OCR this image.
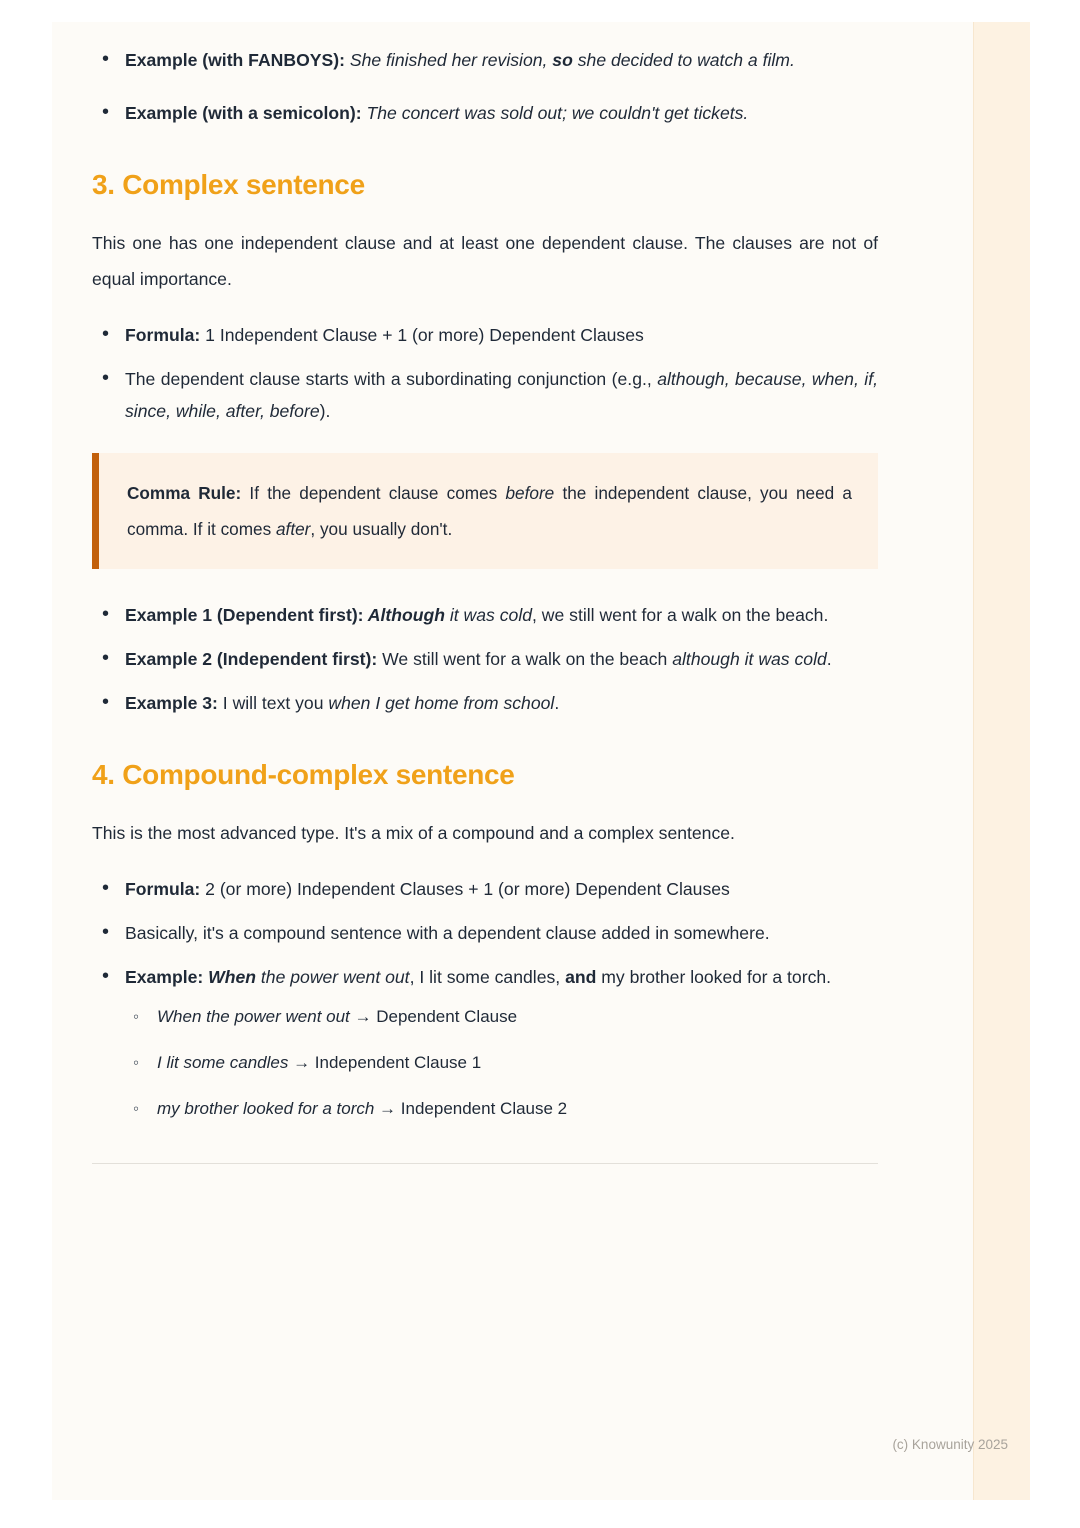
• Example (with FANBOYS): She finished her revision, so she decided to watch a film.
• Example (with a semicolon): The concert was sold out; we couldn't get tickets.
3. Complex sentence

This one has one independent clause and at least one dependent clause. The clauses are not of equal importance.

• Formula: 1 Independent Clause + 1 (or more) Dependent Clauses
• The dependent clause starts with a subordinating conjunction (e.g., although, because, when, if, since, while, after, before).
Comma Rule: If the dependent clause comes before the independent clause, you need a comma. If it comes after, you usually don't.
• Example 1 (Dependent first): Although it was cold, we still went for a walk on the beach.
• Example 2 (Independent first): We still went for a walk on the beach although it was cold.
• Example 3: I will text you when I get home from school.
4. Compound-complex sentence

This is the most advanced type. It's a mix of a compound and a complex sentence.

• Formula: 2 (or more) Independent Clauses + 1 (or more) Dependent Clauses
• Basically, it's a compound sentence with a dependent clause added in somewhere.
• Example: When the power went out, I lit some candles, and my brother looked for a torch.
◦ When the power went out → Dependent Clause
◦ I lit some candles → Independent Clause 1
◦ my brother looked for a torch → Independent Clause 2
(c) Knowunity 2025
